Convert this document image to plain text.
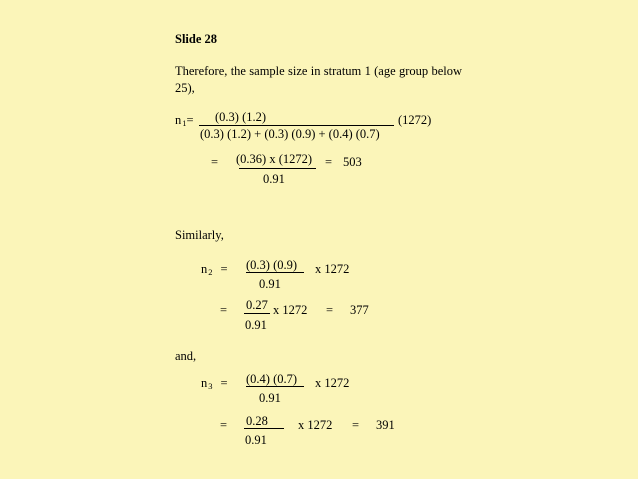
Slide 28
Therefore, the sample size in stratum 1 (age group below 25),
n1= (0.3) (1.2)
(0.3) (1.2) + (0.3) (0.9) + (0.4) (0.7)
(1272)
= (0.36) x (1272)
0.91
= 503
Similarly,
n2 = (0.3) (0.9)
0.91
x 1272
= 0.27
0.91
x 1272 = 377
and,
n3 = (0.4) (0.7)
0.91
x 1272
= 0.28
0.91
x 1272 = 391
